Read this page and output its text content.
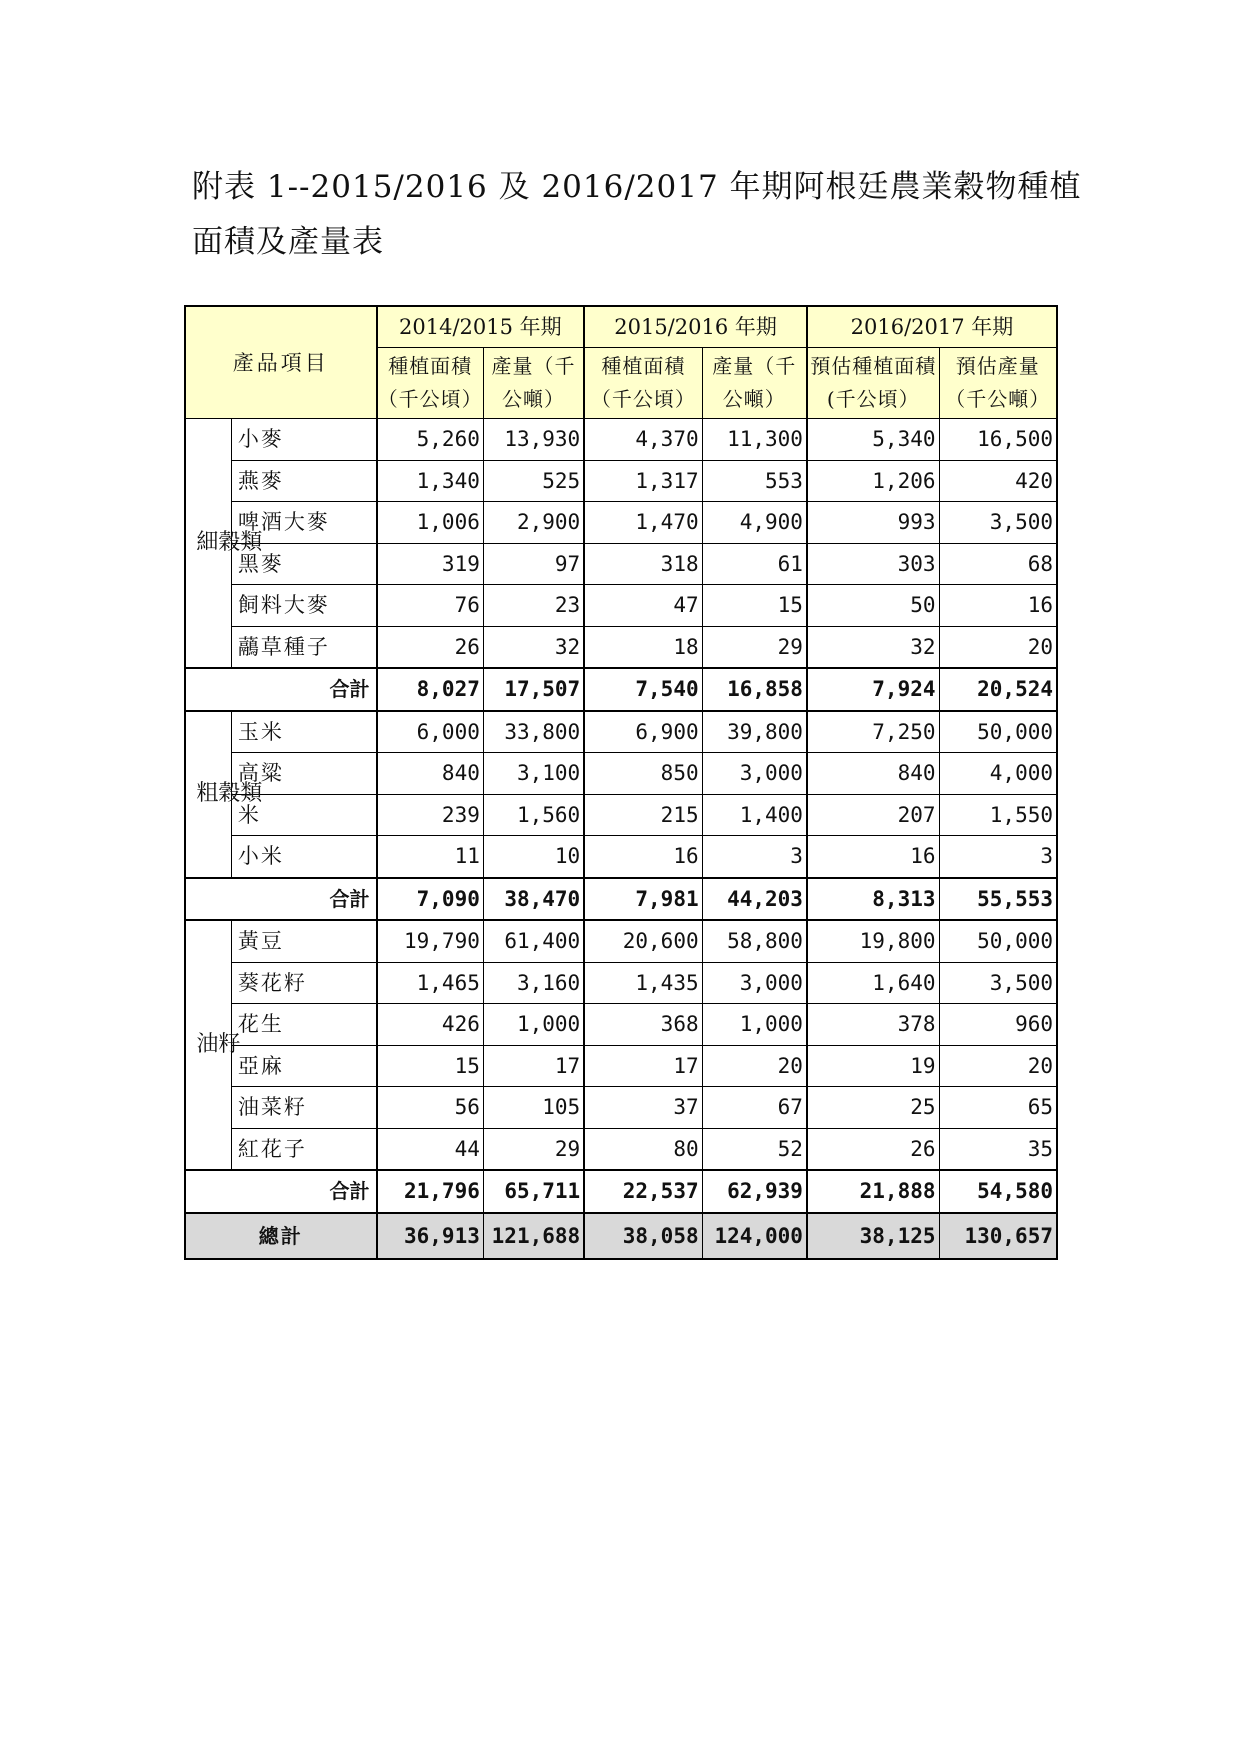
附表 1--2015/2016 及 2016/2017 年期阿根廷農業穀物種植
面積及產量表
產品項目		2014/2015 年期		2015/2016 年期		2016/2017 年期	
		種植面積（千公頃）	產量（千公噸）	種植面積（千公頃）	產量（千公噸）	預估種植面積(千公頃）	預估產量（千公噸）
細穀類	小麥	5,260	13,930	4,370	11,300	5,340	16,500
	燕麥	1,340	525	1,317	553	1,206	420
	啤酒大麥	1,006	2,900	1,470	4,900	993	3,500
	黑麥	319	97	318	61	303	68
	飼料大麥	76	23	47	15	50	16
	虉草種子	26	32	18	29	32	20
合計		8,027	17,507	7,540	16,858	7,924	20,524
粗穀類	玉米	6,000	33,800	6,900	39,800	7,250	50,000
	高粱	840	3,100	850	3,000	840	4,000
	米	239	1,560	215	1,400	207	1,550
	小米	11	10	16	3	16	3
合計		7,090	38,470	7,981	44,203	8,313	55,553
油籽	黃豆	19,790	61,400	20,600	58,800	19,800	50,000
	葵花籽	1,465	3,160	1,435	3,000	1,640	3,500
	花生	426	1,000	368	1,000	378	960
	亞麻	15	17	17	20	19	20
	油菜籽	56	105	37	67	25	65
	紅花子	44	29	80	52	26	35
合計		21,796	65,711	22,537	62,939	21,888	54,580
總計		36,913	121,688	38,058	124,000	38,125	130,657
